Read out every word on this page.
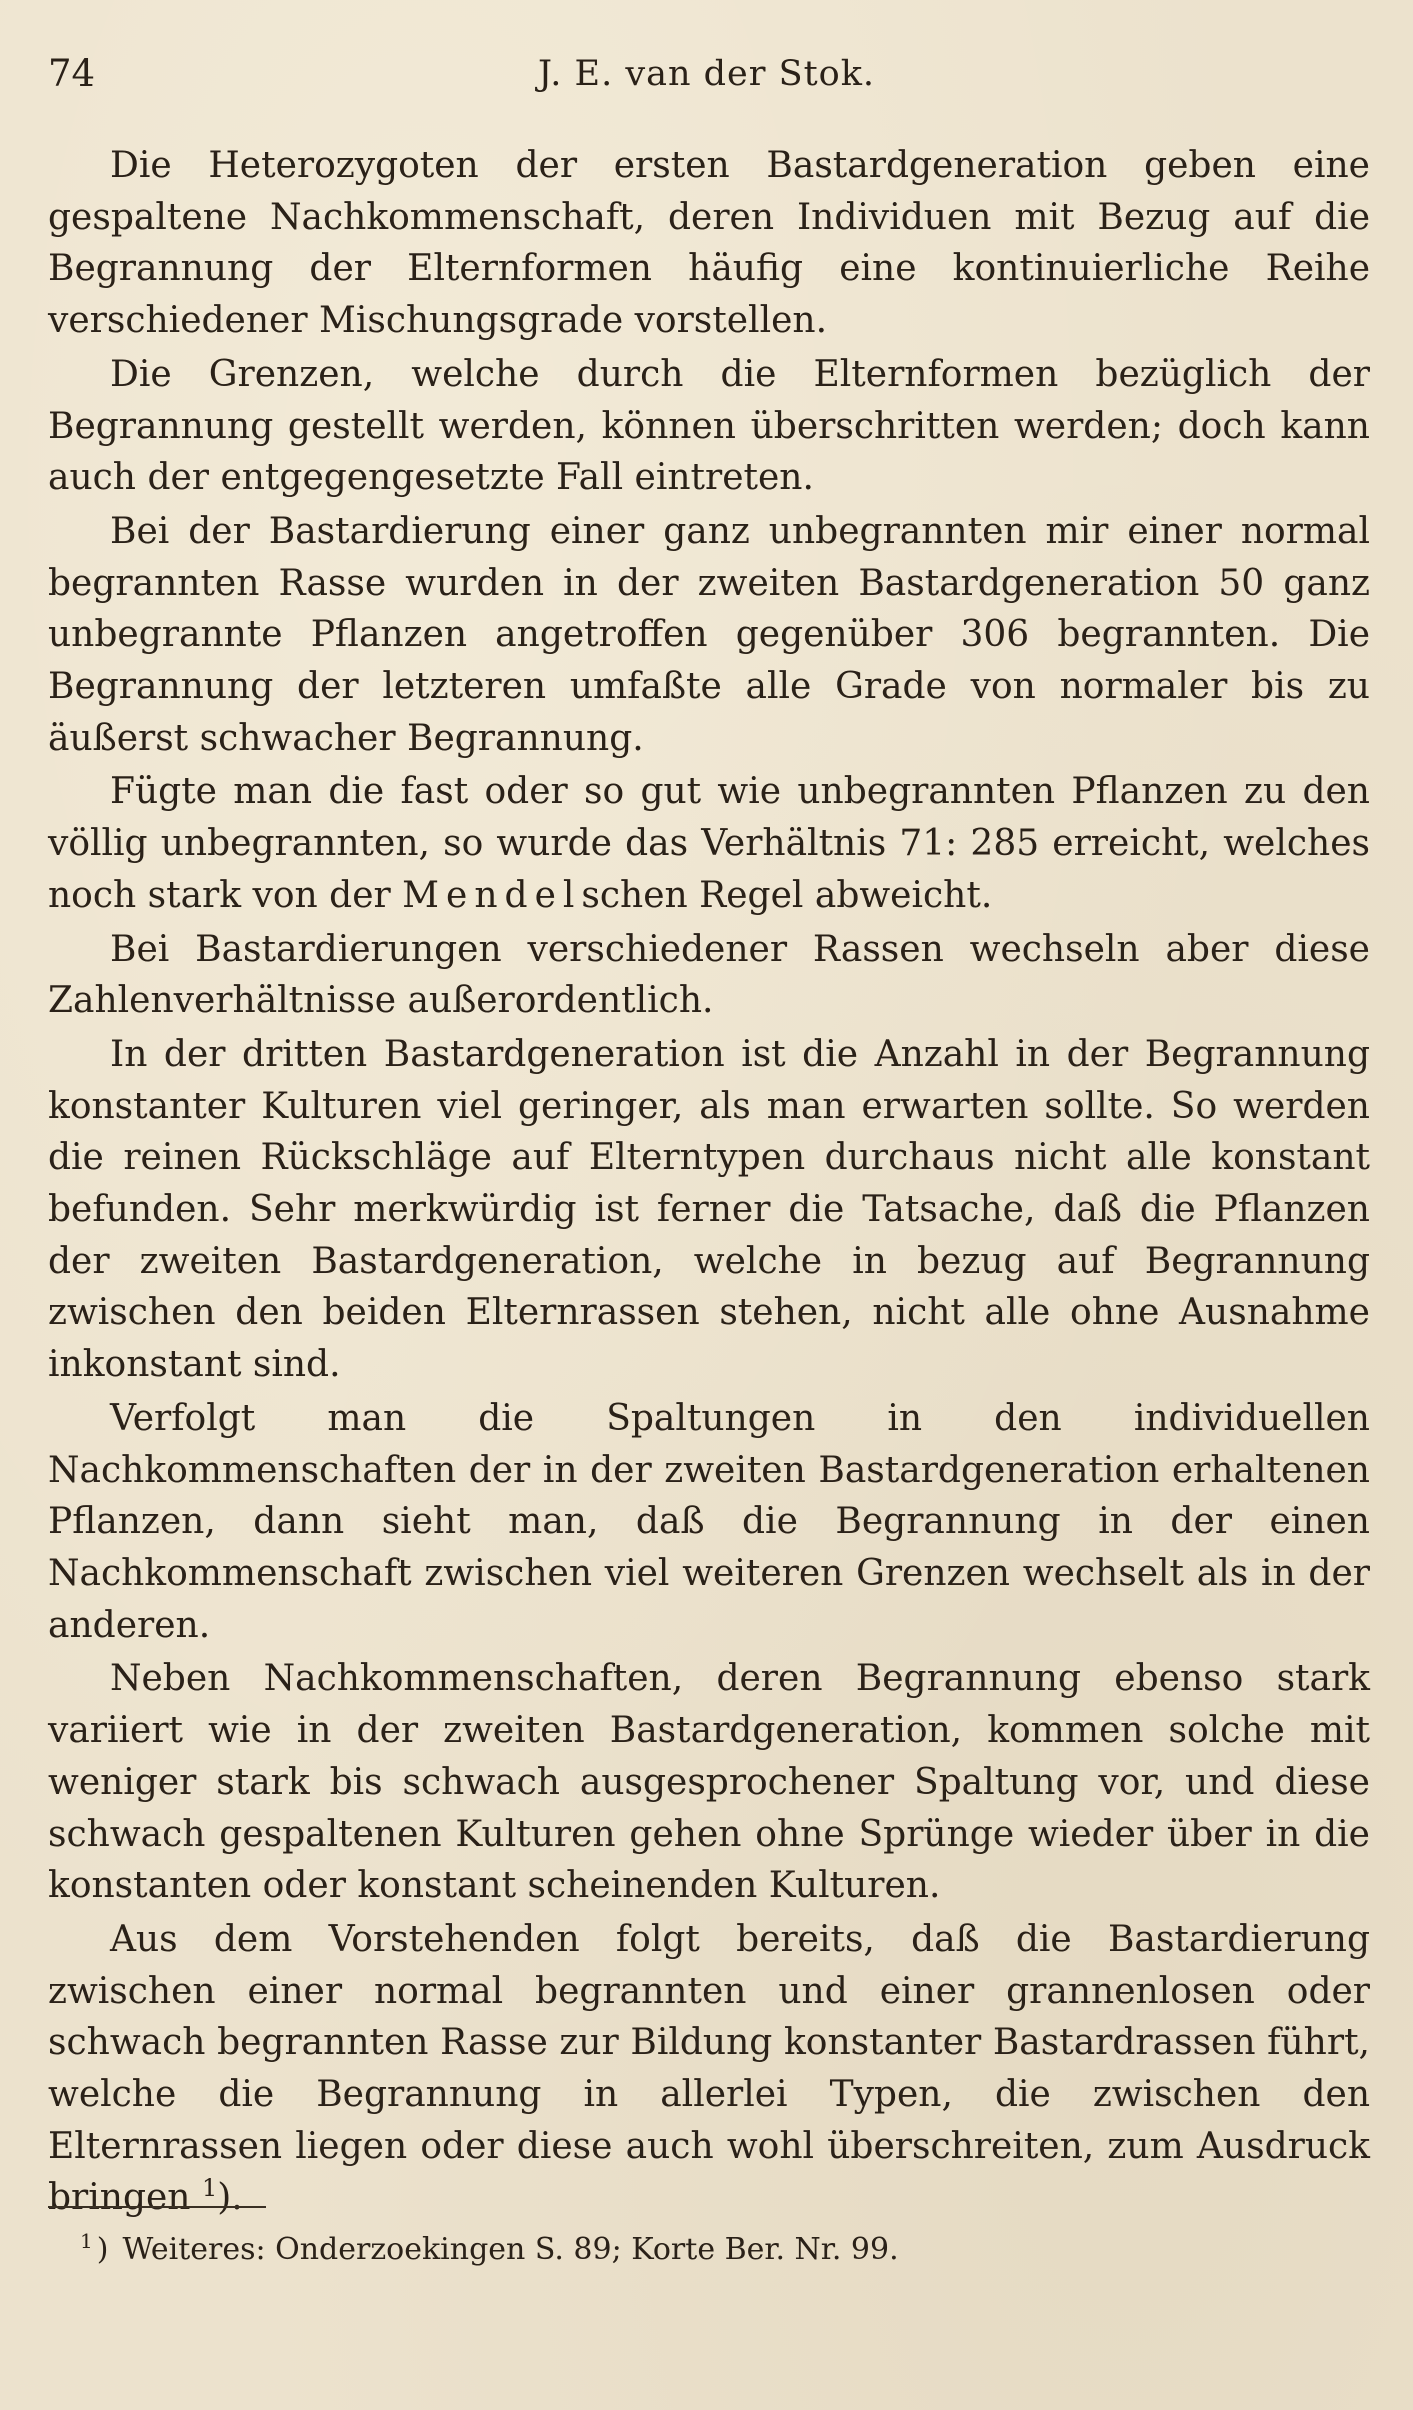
74	J. E. van der Stok.

Die Heterozygoten der ersten Bastardgeneration geben eine gespaltene Nachkommenschaft, deren Individuen mit Bezug auf die Begrannung der Elternformen häufig eine kontinuierliche Reihe verschiedener Mischungsgrade vorstellen.

Die Grenzen, welche durch die Elternformen bezüglich der Begrannung gestellt werden, können überschritten werden; doch kann auch der entgegengesetzte Fall eintreten.

Bei der Bastardierung einer ganz unbegrannten mir einer normal begrannten Rasse wurden in der zweiten Bastardgeneration 50 ganz unbegrannte Pflanzen angetroffen gegenüber 306 begrannten. Die Begrannung der letzteren umfaßte alle Grade von normaler bis zu äußerst schwacher Begrannung.

Fügte man die fast oder so gut wie unbegrannten Pflanzen zu den völlig unbegrannten, so wurde das Verhältnis 71: 285 erreicht, welches noch stark von der Mendelschen Regel abweicht.

Bei Bastardierungen verschiedener Rassen wechseln aber diese Zahlenverhältnisse außerordentlich.

In der dritten Bastardgeneration ist die Anzahl in der Begrannung konstanter Kulturen viel geringer, als man erwarten sollte. So werden die reinen Rückschläge auf Elterntypen durchaus nicht alle konstant befunden. Sehr merkwürdig ist ferner die Tatsache, daß die Pflanzen der zweiten Bastardgeneration, welche in bezug auf Begrannung zwischen den beiden Elternrassen stehen, nicht alle ohne Ausnahme inkonstant sind.

Verfolgt man die Spaltungen in den individuellen Nachkommenschaften der in der zweiten Bastardgeneration erhaltenen Pflanzen, dann sieht man, daß die Begrannung in der einen Nachkommenschaft zwischen viel weiteren Grenzen wechselt als in der anderen.

Neben Nachkommenschaften, deren Begrannung ebenso stark variiert wie in der zweiten Bastardgeneration, kommen solche mit weniger stark bis schwach ausgesprochener Spaltung vor, und diese schwach gespaltenen Kulturen gehen ohne Sprünge wieder über in die konstanten oder konstant scheinenden Kulturen.

Aus dem Vorstehenden folgt bereits, daß die Bastardierung zwischen einer normal begrannten und einer grannenlosen oder schwach begrannten Rasse zur Bildung konstanter Bastardrassen führt, welche die Begrannung in allerlei Typen, die zwischen den Elternrassen liegen oder diese auch wohl überschreiten, zum Ausdruck bringen $^1$).

$^1$ ) Weiteres: Onderzoekingen S. 89; Korte Ber. Nr. 99.
